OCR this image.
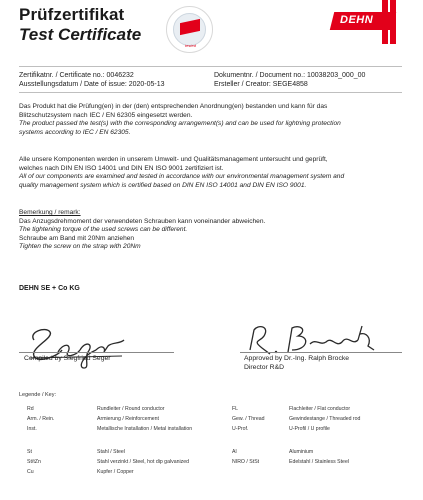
Prüfzertifikat
Test Certificate
tested
DEHN
Zertifikatnr. / Certificate no.: 0046232
Ausstellungsdatum / Date of issue: 2020-05-13
Dokumentnr. / Document no.: 10038203_000_00
Ersteller / Creator: SEGE4858
Das Produkt hat die Prüfung(en) in der (den) entsprechenden Anordnung(en) bestanden und kann für das
Blitzschutzsystem nach IEC / EN 62305 eingesetzt werden.
The product passed the test(s) with the corresponding arrangement(s) and can be used for lightning protection
systems according to IEC / EN 62305.
Alle unsere Komponenten werden in unserem Umwelt- und Qualitätsmanagement untersucht und geprüft,
welches nach DIN EN ISO 14001 und DIN EN ISO 9001 zertifiziert ist.
All of our components are examined and tested in accordance with our environmental management system and
quality management system which is certified based on DIN EN ISO 14001 and DIN EN ISO 9001.
Bemerkung / remark:
Das Anzugsdrehmoment der verwendeten Schrauben kann voneinander abweichen.
The tightening torque of the used screws can be different.
Schraube am Band mit 20Nm anziehen
Tighten the screw on the strap with 20Nm
DEHN SE + Co KG
Compiled by Siegfried Seger	Approved by Dr.-Ing. Ralph Brocke
Director R&D
Legende / Key:
Rd	Rundleiter / Round conductor	FL	Flachleiter / Flat conductor
Arm. / Rein.	Armierung / Reinforcement	Gew. / Thread	Gewindestange / Threaded rod
Inst.	Metallische Installation / Metal installation	U-Prof.	U-Profil / U profile
St	Stahl / Steel	Al	Aluminium
St/tZn	Stahl verzinkt / Steel, hot dip galvanized	NIRO / StSt	Edelstahl / Stainless Steel
Cu	Kupfer / Copper
